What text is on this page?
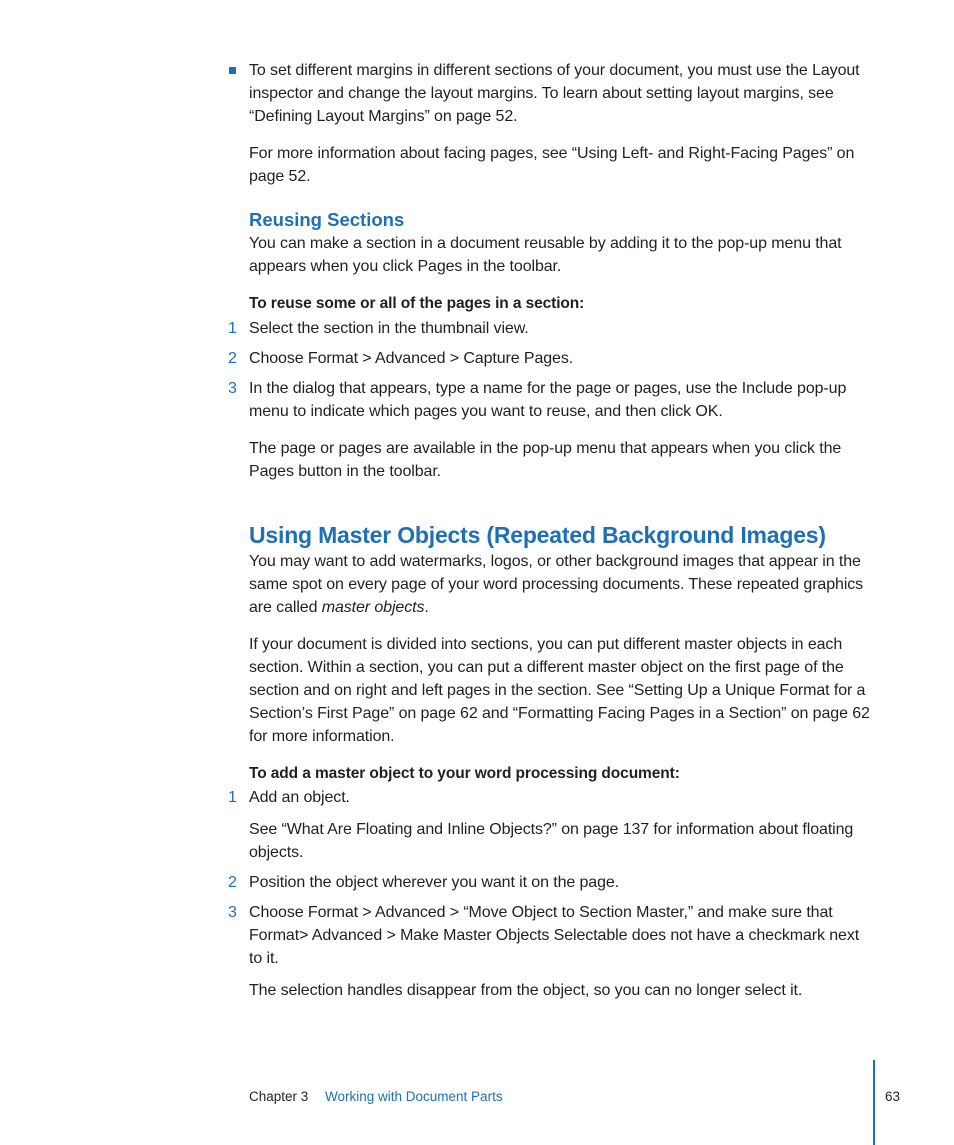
To set different margins in different sections of your document, you must use the Layout inspector and change the layout margins. To learn about setting layout margins, see “Defining Layout Margins” on page 52.

For more information about facing pages, see “Using Left- and Right-Facing Pages” on page 52.

Reusing Sections

You can make a section in a document reusable by adding it to the pop-up menu that appears when you click Pages in the toolbar.

To reuse some or all of the pages in a section:

1 Select the section in the thumbnail view.

2 Choose Format > Advanced > Capture Pages.

3 In the dialog that appears, type a name for the page or pages, use the Include pop-up menu to indicate which pages you want to reuse, and then click OK.

The page or pages are available in the pop-up menu that appears when you click the Pages button in the toolbar.

Using Master Objects (Repeated Background Images)

You may want to add watermarks, logos, or other background images that appear in the same spot on every page of your word processing documents. These repeated graphics are called master objects.

If your document is divided into sections, you can put different master objects in each section. Within a section, you can put a different master object on the first page of the section and on right and left pages in the section. See “Setting Up a Unique Format for a Section’s First Page” on page 62 and “Formatting Facing Pages in a Section” on page 62 for more information.

To add a master object to your word processing document:

1 Add an object.

See “What Are Floating and Inline Objects?” on page 137 for information about floating objects.

2 Position the object wherever you want it on the page.

3 Choose Format > Advanced > “Move Object to Section Master,” and make sure that Format> Advanced > Make Master Objects Selectable does not have a checkmark next to it.

The selection handles disappear from the object, so you can no longer select it.

Chapter 3 Working with Document Parts	63
